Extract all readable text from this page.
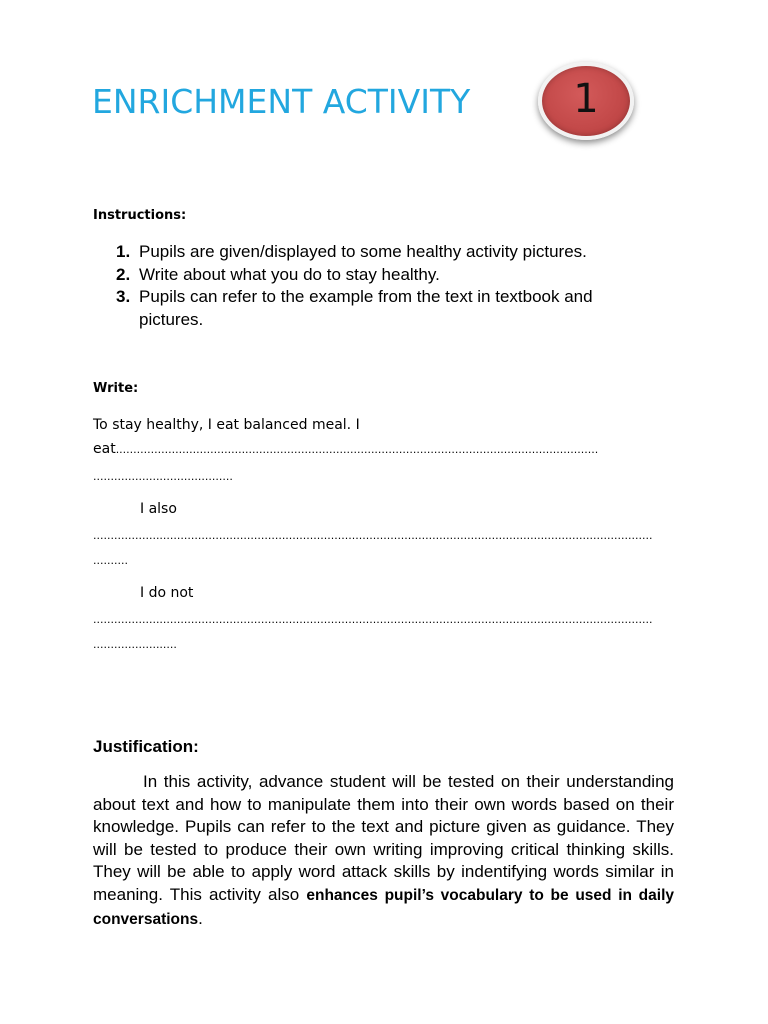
ENRICHMENT ACTIVITY	1
Instructions:
1. Pupils are given/displayed to some healthy activity pictures.
2. Write about what you do to stay healthy.
3. Pupils can refer to the example from the text in textbook and pictures.
Write:
To stay healthy, I eat balanced meal. I
eat..........................................................................................................................................
........................................
I also
................................................................................................................................................................
..........
I do not
................................................................................................................................................................
........................
Justification:

In this activity, advance student will be tested on their understanding about text and how to manipulate them into their own words based on their knowledge. Pupils can refer to the text and picture given as guidance. They will be tested to produce their own writing improving critical thinking skills. They will be able to apply word attack skills by indentifying words similar in meaning. This activity also enhances pupil’s vocabulary to be used in daily conversations.
